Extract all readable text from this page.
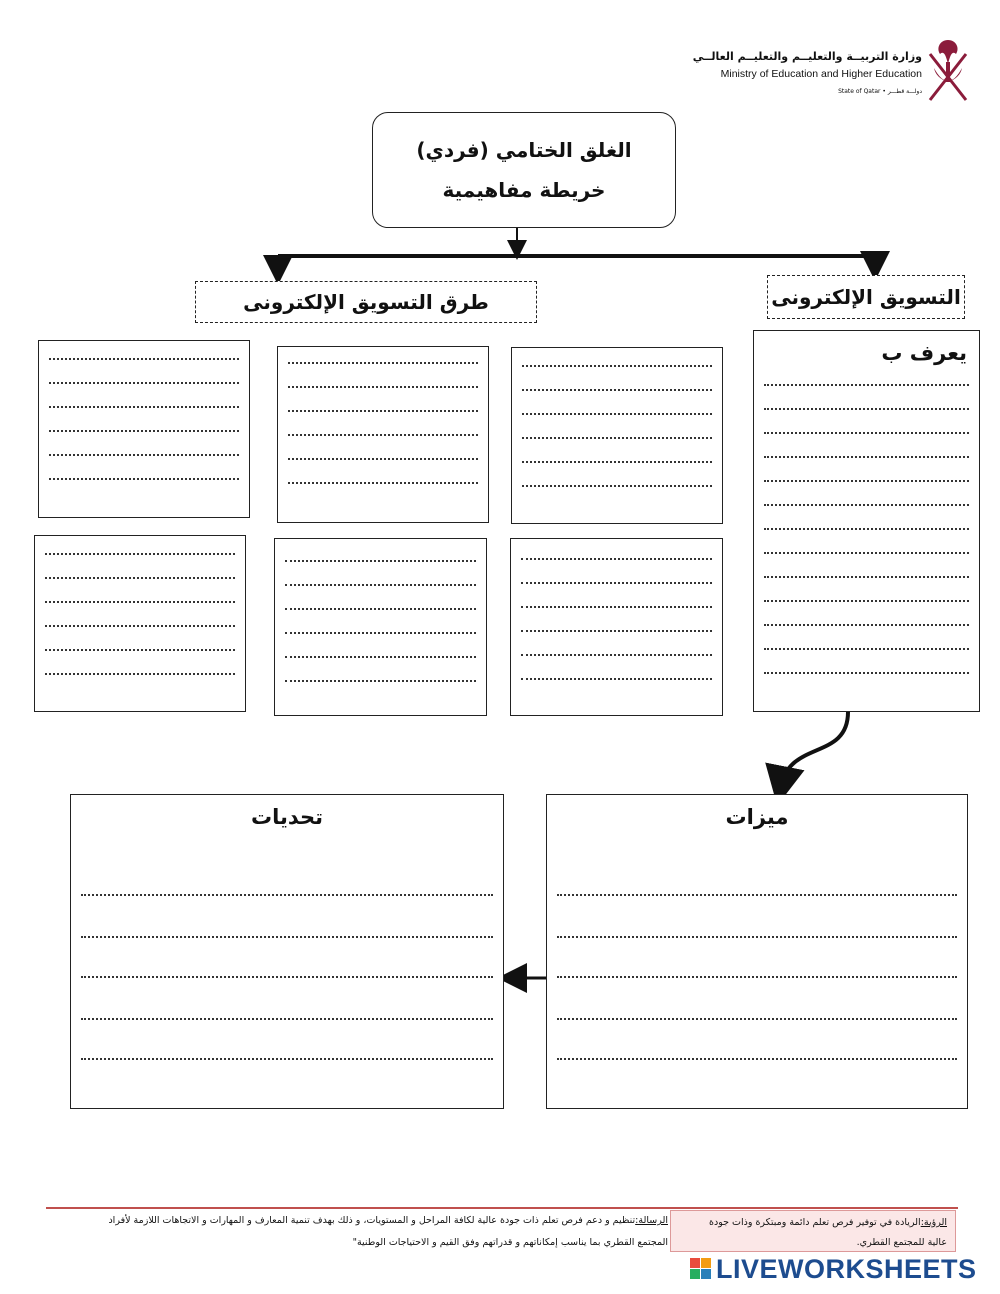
وزارة التربيــة والتعليــم والتعليــم العالــي
Ministry of Education and Higher Education
State of Qatar • دولـــة قطـــر
الغلق الختامي (فردي)
خريطة مفاهيمية
طرق التسويق الإلكترونى	التسويق الإلكترونى
يعرف ب
ميزات
تحديات
الرسالة:تنظيم و دعم فرص تعلم ذات جودة عالية لكافة المراحل و المستويات، و ذلك بهدف تنمية المعارف و المهارات و الاتجاهات اللازمة لأفراد
المجتمع القطري بما يناسب إمكاناتهم و قدراتهم وفق القيم و الاحتياجات الوطنية"
الرؤية:الريادة في توفير فرص تعلم دائمة ومبتكرة وذات جودة
عالية للمجتمع القطري.
LIVEWORKSHEETS
